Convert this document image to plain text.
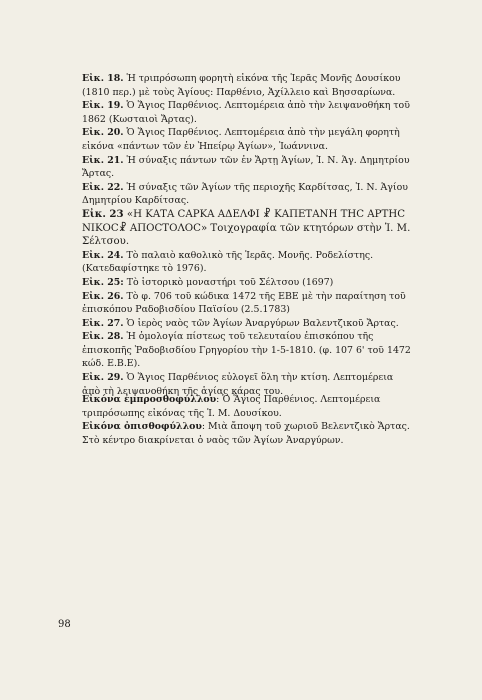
Εἰκ. 18. Ἡ τριπρόσωπη φορητὴ εἰκόνα τῆς Ἱερᾶς Μονῆς Δουσίκου (1810 περ.) μὲ τοὺς Ἁγίους: Παρθένιο, Ἀχίλλειο καὶ Βησσαρίωνα.

Εἰκ. 19. Ὁ Ἅγιος Παρθένιος. Λεπτομέρεια ἀπὸ τὴν λειψανοθήκη τοῦ 1862 (Κωσταιοὶ Ἄρτας).

Εἰκ. 20. Ὁ Ἅγιος Παρθένιος. Λεπτομέρεια ἀπὸ τὴν μεγάλη φορητὴ εἰκόνα «πάντων τῶν ἐν Ἠπείρῳ Ἁγίων», Ἰωάννινα.

Εἰκ. 21. Ἡ σύναξις πάντων τῶν ἐν Ἄρτῃ Ἁγίων, Ἱ. Ν. Ἁγ. Δημητρίου Ἄρτας.

Εἰκ. 22. Ἡ σύναξις τῶν Ἁγίων τῆς περιοχῆς Καρδίτσας, Ἱ. Ν. Ἁγίου Δημητρίου Καρδίτσας.

Εἰκ. 23 «Η ΚΑΤΑ ϹΑΡΚΑ ΑΔΕΛΦΙ ☧ ΚΑΠΕΤΑΝΗ ΤΗϹ ΑΡΤΗϹ ΝΙΚΟϹ☧ ΑΠΟϹΤΟΛΟϹ» Τοιχογραφία τῶν κτητόρων στὴν Ἱ. Μ. Σέλτσου.

Εἰκ. 24. Τὸ παλαιὸ καθολικὸ τῆς Ἱερᾶς. Μονῆς. Ροδελίστης. (Κατεδαφίστηκε τὸ 1976).

Εἰκ. 25: Τὸ ἱστορικὸ μοναστήρι τοῦ Σέλτσου (1697)

Εἰκ. 26. Τὸ φ. 706 τοῦ κώδικα 1472 τῆς ΕΒΕ μὲ τὴν παραίτηση τοῦ ἐπισκόπου Ραδοβισδίου Παϊσίου (2.5.1783)

Εἰκ. 27. Ὁ ἱερὸς ναὸς τῶν Ἁγίων Ἀναργύρων Βαλεντζικοῦ Ἄρτας.

Εἰκ. 28. Ἡ ὁμολογία πίστεως τοῦ τελευταίου ἐπισκόπου τῆς ἐπισκοπῆς Ῥαδοβισδίου Γρηγορίου τὴν 1-5-1810. (φ. 107 6' τοῦ 1472 κώδ. Ε.Β.Ε).

Εἰκ. 29. Ὁ Ἅγιος Παρθένιος εὐλογεῖ ὅλη τὴν κτίση. Λεπτομέρεια ἀπὸ τὴ λειψανοθήκη τῆς ἁγίας κάρας του.

Εἰκόνα ἐμπροσθοφύλλου: Ὁ Ἅγιος Παρθένιος. Λεπτομέρεια τριπρόσωπης εἰκόνας τῆς Ἱ. Μ. Δουσίκου.

Εἰκόνα ὀπισθοφύλλου: Μιὰ ἄποψη τοῦ χωριοῦ Βελεντζικὸ Ἄρτας. Στὸ κέντρο διακρίνεται ὁ ναὸς τῶν Ἁγίων Ἀναργύρων.

98
